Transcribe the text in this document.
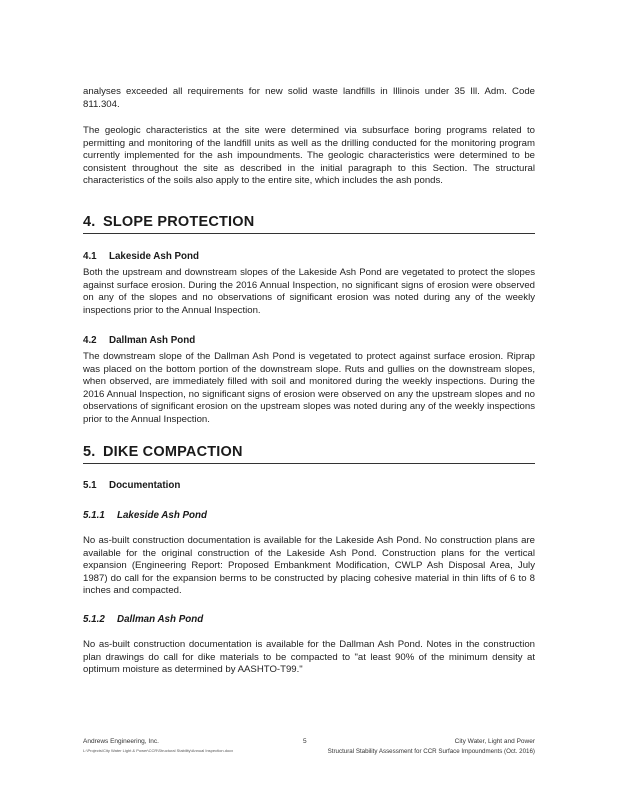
analyses exceeded all requirements for new solid waste landfills in Illinois under 35 Ill. Adm. Code 811.304.

The geologic characteristics at the site were determined via subsurface boring programs related to permitting and monitoring of the landfill units as well as the drilling conducted for the monitoring program currently implemented for the ash impoundments. The geologic characteristics were determined to be consistent throughout the site as described in the initial paragraph to this Section. The structural characteristics of the soils also apply to the entire site, which includes the ash ponds.

4. SLOPE PROTECTION
4.1 Lakeside Ash Pond

Both the upstream and downstream slopes of the Lakeside Ash Pond are vegetated to protect the slopes against surface erosion. During the 2016 Annual Inspection, no significant signs of erosion were observed on any of the slopes and no observations of significant erosion was noted during any of the weekly inspections prior to the Annual Inspection.

4.2 Dallman Ash Pond

The downstream slope of the Dallman Ash Pond is vegetated to protect against surface erosion. Riprap was placed on the bottom portion of the downstream slope. Ruts and gullies on the downstream slopes, when observed, are immediately filled with soil and monitored during the weekly inspections. During the 2016 Annual Inspection, no significant signs of erosion were observed on any the upstream slopes and no observations of significant erosion on the upstream slopes was noted during any of the weekly inspections prior to the Annual Inspection.

5. DIKE COMPACTION
5.1 Documentation
5.1.1 Lakeside Ash Pond

No as-built construction documentation is available for the Lakeside Ash Pond. No construction plans are available for the original construction of the Lakeside Ash Pond. Construction plans for the vertical expansion (Engineering Report: Proposed Embankment Modification, CWLP Ash Disposal Area, July 1987) do call for the expansion berms to be constructed by placing cohesive material in thin lifts of 6 to 8 inches and compacted.

5.1.2 Dallman Ash Pond

No as-built construction documentation is available for the Dallman Ash Pond. Notes in the construction plan drawings do call for dike materials to be compacted to "at least 90% of the minimum density at optimum moisture as determined by AASHTO-T99."

Andrews Engineering, Inc.
L:\Projects\City Water Light & Power\CCR\Structural Stability\Annual Inspection.docx
5	City Water, Light and Power
Structural Stability Assessment for CCR Surface Impoundments (Oct. 2016)
